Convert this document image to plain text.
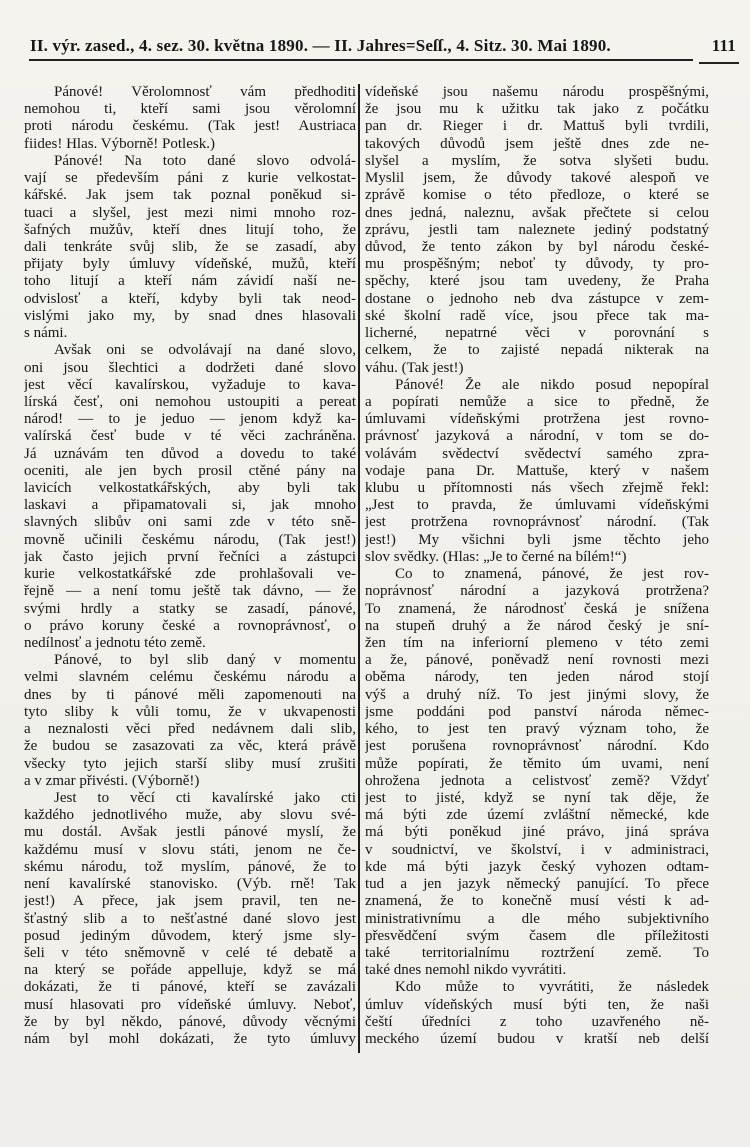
II. výr. zased., 4. sez. 30. května 1890. — II. Jahres=Seſſ., 4. Sitz. 30. Mai 1890.	111
Pánové! Věrolomnosť vám předhoditi
nemohou ti, kteří sami jsou věrolomní
proti národu českému. (Tak jest! Austriaca
fiides! Hlas. Výborně! Potlesk.)
Pánové! Na toto dané slovo odvolá-
vají se především páni z kurie velkostat-
kářské. Jak jsem tak poznal poněkud si-
tuaci a slyšel, jest mezi nimi mnoho roz-
šafných mužův, kteří dnes litují toho, že
dali tenkráte svůj slib, že se zasadí, aby
přijaty byly úmluvy vídeňské, mužů, kteří
toho litují a kteří nám závidí naší ne-
odvislosť a kteří, kdyby byli tak neod-
vislými jako my, by snad dnes hlasovali
s námi.
Avšak oni se odvolávají na dané slovo,
oni jsou šlechtici a dodržeti dané slovo
jest věcí kavalírskou, vyžaduje to kava-
lírská česť, oni nemohou ustoupiti a pereat
národ! — to je jeduo — jenom když ka-
valírská česť bude v té věci zachráněna.
Já uznávám ten důvod a dovedu to také
oceniti, ale jen bych prosil ctěné pány na
lavicích velkostatkářských, aby byli tak
laskavi a připamatovali si, jak mnoho
slavných slibův oni sami zde v této sně-
movně učinili českému národu, (Tak jest!)
jak často jejich první řečníci a zástupci
kurie velkostatkářské zde prohlašovali ve-
řejně — a není tomu ještě tak dávno, — že
svými hrdly a statky se zasadí, pánové,
o právo koruny české a rovnoprávnosť, o
nedílnosť a jednotu této země.
Pánové, to byl slib daný v momentu
velmi slavném celému českému národu a
dnes by ti pánové měli zapomenouti na
tyto sliby k vůli tomu, že v ukvapenosti
a neznalosti věci před nedávnem dali slib,
že budou se zasazovati za věc, která právě
všecky tyto jejich starší sliby musí zrušiti
a v zmar přivésti. (Výborně!)
Jest to věcí cti kavalírské jako cti
každého jednotlivého muže, aby slovu své-
mu dostál. Avšak jestli pánové myslí, že
každému musí v slovu státi, jenom ne če-
skému národu, tož myslím, pánové, že to
není kavalírské stanovisko. (Výb. rně! Tak
jest!) A přece, jak jsem pravil, ten ne-
šťastný slib a to nešťastné dané slovo jest
posud jediným důvodem, který jsme sly-
šeli v této sněmovně v celé té debatě a
na který se pořáde appelluje, když se má
dokázati, že ti pánové, kteří se zavázali
musí hlasovati pro vídeňské úmluvy. Neboť,
že by byl někdo, pánové, důvody věcnými
nám byl mohl dokázati, že tyto úmluvy
vídeňské jsou našemu národu prospěšnými,
že jsou mu k užitku tak jako z počátku
pan dr. Rieger i dr. Mattuš byli tvrdili,
takových důvodů jsem ještě dnes zde ne-
slyšel a myslím, že sotva slyšeti budu.
Myslil jsem, že důvody takové alespoň ve
zprávě komise o této předloze, o které se
dnes jedná, naleznu, avšak přečtete si celou
zprávu, jestli tam naleznete jediný podstatný
důvod, že tento zákon by byl národu české-
mu prospěšným; neboť ty důvody, ty pro-
spěchy, které jsou tam uvedeny, že Praha
dostane o jednoho neb dva zástupce v zem-
ské školní radě více, jsou přece tak ma-
licherné, nepatrné věci v porovnání s
celkem, že to zajisté nepadá nikterak na
váhu. (Tak jest!)
Pánové! Že ale nikdo posud nepopíral
a popírati nemůže a sice to předně, že
úmluvami vídeňskými protržena jest rovno-
právnosť jazyková a národní, v tom se do-
volávám svědectví svědectví samého zpra-
vodaje pana Dr. Mattuše, který v našem
klubu u přítomnosti nás všech zřejmě řekl:
„Jest to pravda, že úmluvami vídeňskými
jest protržena rovnoprávnosť národní. (Tak
jest!) My všichni byli jsme těchto jeho
slov svědky. (Hlas: „Je to černé na bílém!“)
Co to znamená, pánové, že jest rov-
noprávnosť národní a jazyková protržena?
To znamená, že národnosť česká je snížena
na stupeň druhý a že národ český je sní-
žen tím na inferiorní plemeno v této zemi
a že, pánové, poněvadž není rovnosti mezi
oběma národy, ten jeden národ stojí
výš a druhý níž. To jest jinými slovy, že
jsme poddáni pod panství národa němec-
kého, to jest ten pravý význam toho, že
jest porušena rovnoprávnosť národní. Kdo
může popírati, že těmito úm uvami, není
ohrožena jednota a celistvosť země? Vždyť
jest to jisté, když se nyní tak děje, že
má býti zde území zvláštní německé, kde
má býti poněkud jiné právo, jiná správa
v soudnictví, ve školství, i v administraci,
kde má býti jazyk český vyhozen odtam-
tud a jen jazyk německý panující. To přece
znamená, že to konečně musí vésti k ad-
ministrativnímu a dle mého subjektivního
přesvědčení svým časem dle příležitosti
také territorialnímu roztržení země. To
také dnes nemohl nikdo vyvrátiti.
Kdo může to vyvrátiti, že následek
úmluv vídeňských musí býti ten, že naši
čeští úředníci z toho uzavřeného ně-
meckého území budou v kratší neb delší
